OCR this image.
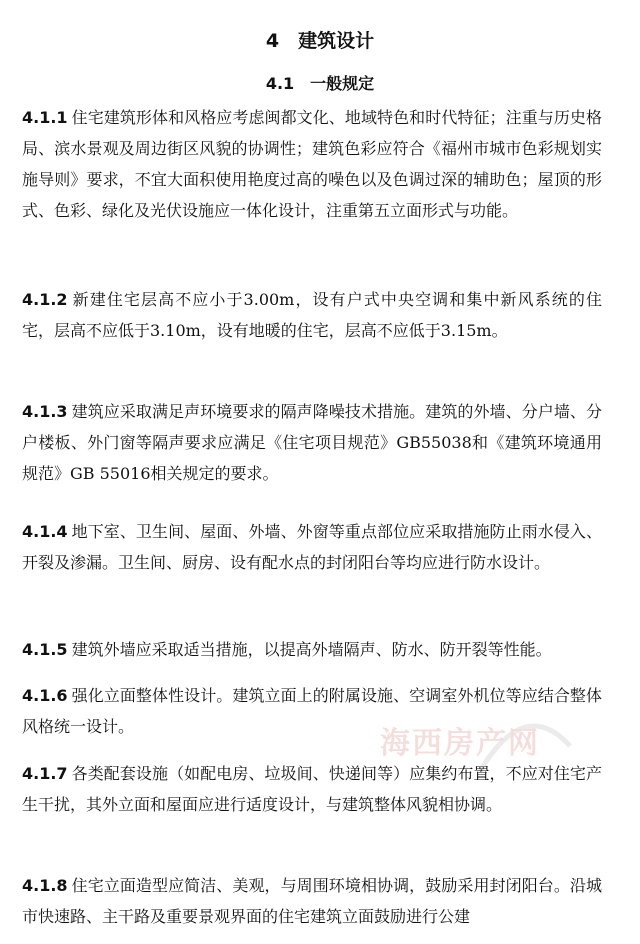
4　建筑设计
4.1　一般规定

4.1.1 住宅建筑形体和风格应考虑闽都文化、地域特色和时代特征；注重与历史格局、滨水景观及周边街区风貌的协调性；建筑色彩应符合《福州市城市色彩规划实施导则》要求，不宜大面积使用艳度过高的噪色以及色调过深的辅助色；屋顶的形式、色彩、绿化及光伏设施应一体化设计，注重第五立面形式与功能。

4.1.2 新建住宅层高不应小于3.00m，设有户式中央空调和集中新风系统的住宅，层高不应低于3.10m，设有地暖的住宅，层高不应低于3.15m。

4.1.3 建筑应采取满足声环境要求的隔声降噪技术措施。建筑的外墙、分户墙、分户楼板、外门窗等隔声要求应满足《住宅项目规范》GB55038和《建筑环境通用规范》GB 55016相关规定的要求。

4.1.4 地下室、卫生间、屋面、外墙、外窗等重点部位应采取措施防止雨水侵入、开裂及渗漏。卫生间、厨房、设有配水点的封闭阳台等均应进行防水设计。

4.1.5 建筑外墙应采取适当措施，以提高外墙隔声、防水、防开裂等性能。

4.1.6 强化立面整体性设计。建筑立面上的附属设施、空调室外机位等应结合整体风格统一设计。

4.1.7 各类配套设施（如配电房、垃圾间、快递间等）应集约布置，不应对住宅产生干扰，其外立面和屋面应进行适度设计，与建筑整体风貌相协调。

4.1.8 住宅立面造型应简洁、美观，与周围环境相协调，鼓励采用封闭阳台。沿城市快速路、主干路及重要景观界面的住宅建筑立面鼓励进行公建

海西房产网
